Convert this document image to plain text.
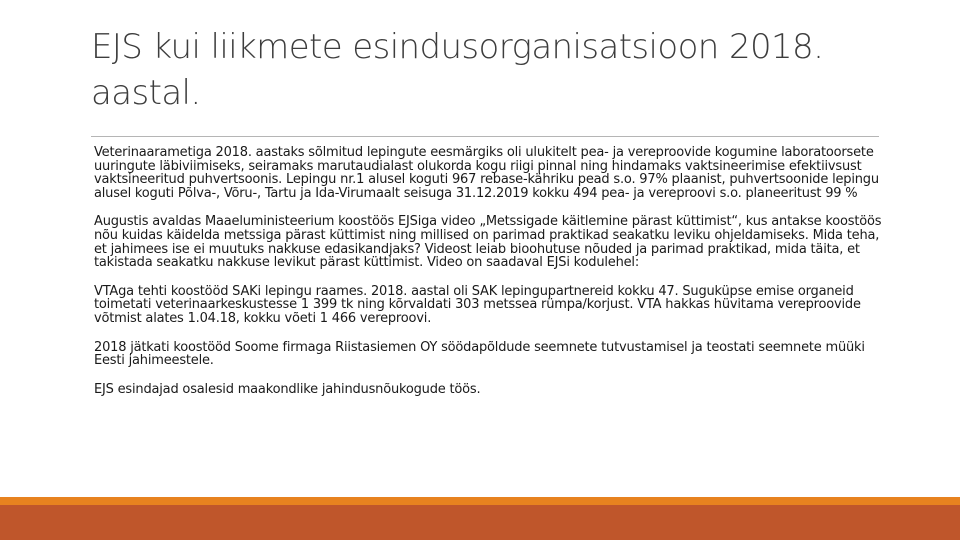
EJS kui liikmete esindusorganisatsioon 2018. aastal.

Veterinaarametiga 2018. aastaks sõlmitud lepingute eesmärgiks oli ulukitelt pea- ja vereproovide kogumine laboratoorsete uuringute läbiviimiseks, seiramaks marutaudialast olukorda kogu riigi pinnal ning hindamaks vaktsineerimise efektiivsust vaktsineeritud puhvertsoonis. Lepingu nr.1 alusel koguti 967 rebase-kähriku pead s.o. 97% plaanist, puhvertsoonide lepingu alusel koguti Põlva-, Võru-, Tartu ja Ida-Virumaalt seisuga 31.12.2019 kokku 494 pea- ja vereproovi s.o. planeeritust 99 %

Augustis avaldas Maaeluministeerium koostöös EJSiga video „Metssigade käitlemine pärast küttimist“, kus antakse koostöös nõu kuidas käidelda metssiga pärast küttimist ning millised on parimad praktikad seakatku leviku ohjeldamiseks. Mida teha, et jahimees ise ei muutuks nakkuse edasikandjaks? Videost leiab bioohutuse nõuded ja parimad praktikad, mida täita, et takistada seakatku nakkuse levikut pärast küttimist. Video on saadaval EJSi kodulehel:

VTAga tehti koostööd SAKi lepingu raames. 2018. aastal oli SAK lepingupartnereid kokku 47. Suguküpse emise organeid toimetati veterinaarkeskustesse 1 399 tk ning kõrvaldati 303 metssea rümpa/korjust. VTA hakkas hüvitama vereproovide võtmist alates 1.04.18, kokku võeti 1 466 vereproovi.

2018 jätkati koostööd Soome firmaga Riistasiemen OY söödapõldude seemnete tutvustamisel ja teostati seemnete müüki Eesti jahimeestele.

EJS esindajad osalesid maakondlike jahindusnõukogude töös.
